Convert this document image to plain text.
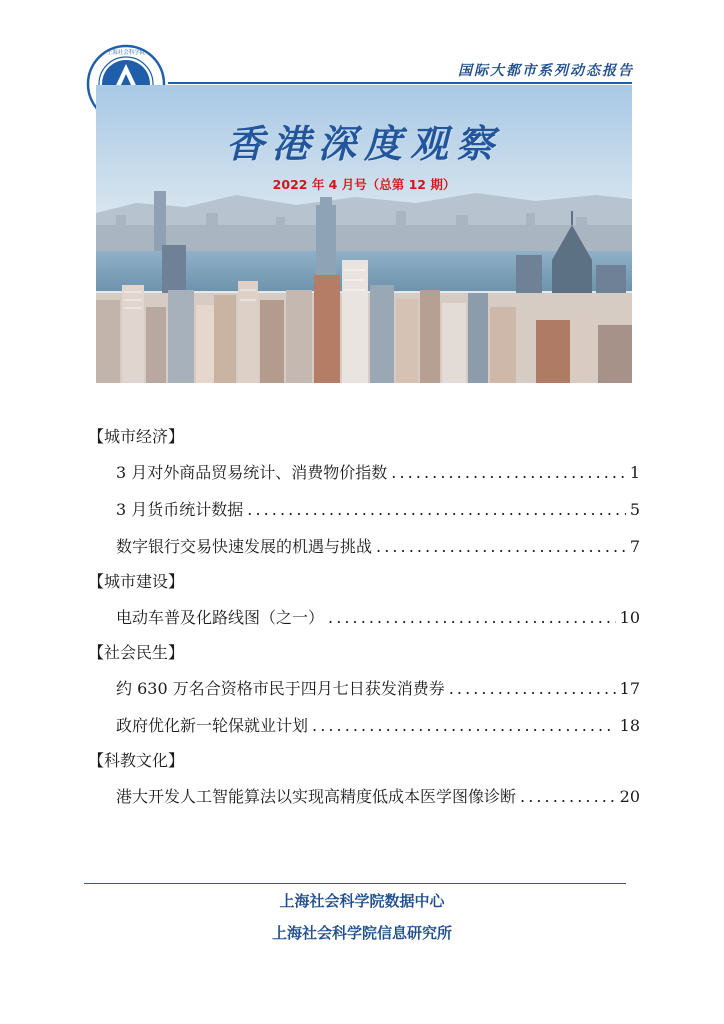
上海社会科学院
国际大都市系列动态报告
香港深度观察
2022 年 4 月号（总第 12 期）
【城市经济】
3 月对外商品贸易统计、消费物价指数 . . .	1
3 月货币统计数据 . . .	5
数字银行交易快速发展的机遇与挑战 . . .	7
【城市建设】
电动车普及化路线图（之一） . . .	10
【社会民生】
约 630 万名合资格市民于四月七日获发消费券 . . .	17
政府优化新一轮保就业计划 . . .	18
【科教文化】
港大开发人工智能算法以实现高精度低成本医学图像诊断 . . .	20
上海社会科学院数据中心
上海社会科学院信息研究所
